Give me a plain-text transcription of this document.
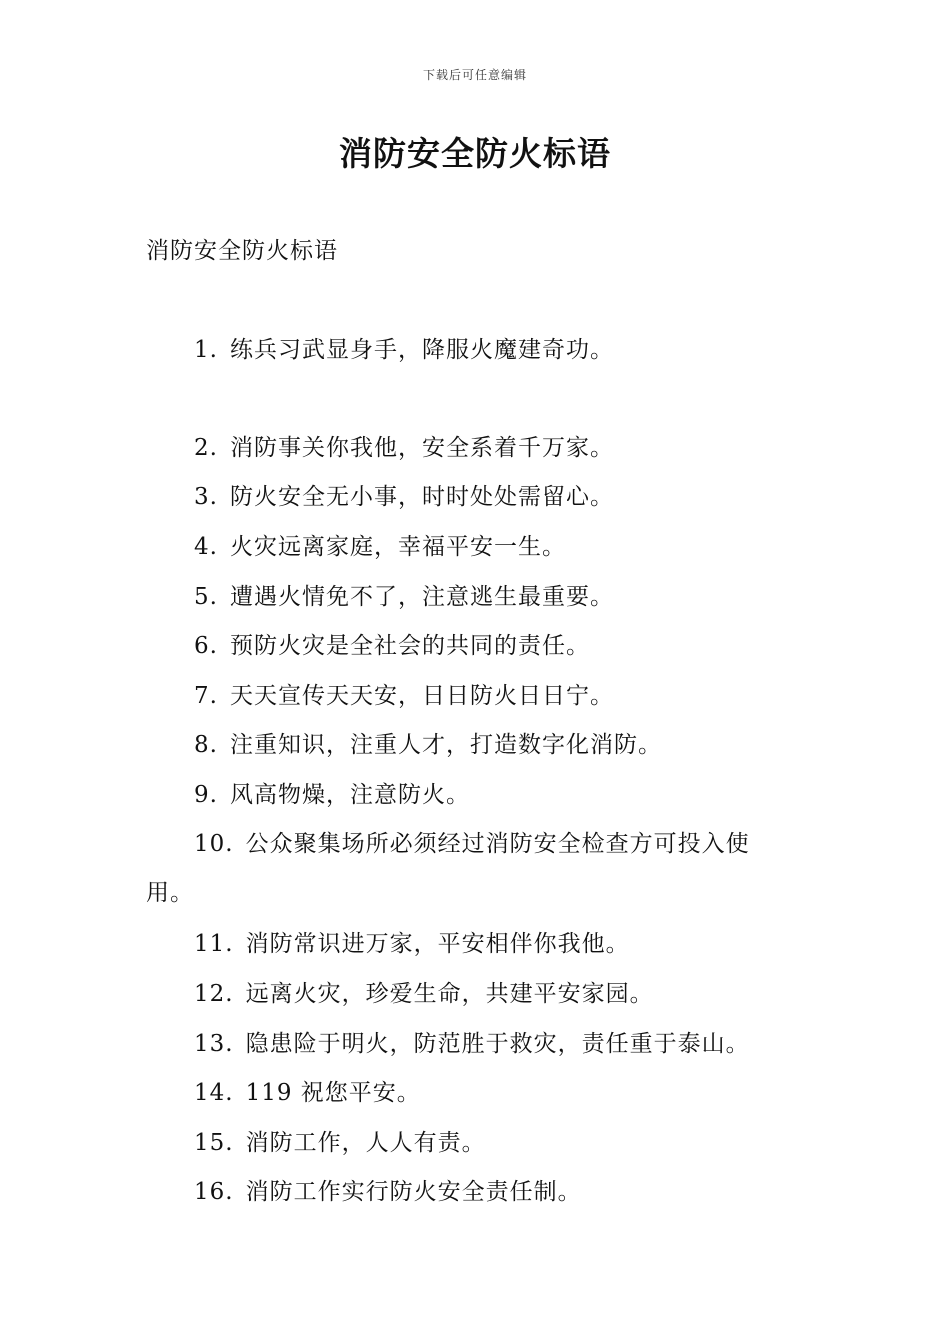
下载后可任意编辑
消防安全防火标语
消防安全防火标语
1. 练兵习武显身手，降服火魔建奇功。
2. 消防事关你我他，安全系着千万家。
3. 防火安全无小事，时时处处需留心。
4. 火灾远离家庭，幸福平安一生。
5. 遭遇火情免不了，注意逃生最重要。
6. 预防火灾是全社会的共同的责任。
7. 天天宣传天天安，日日防火日日宁。
8. 注重知识，注重人才，打造数字化消防。
9. 风高物燥，注意防火。
10. 公众聚集场所必须经过消防安全检查方可投入使
用。
11. 消防常识进万家，平安相伴你我他。
12. 远离火灾，珍爱生命，共建平安家园。
13. 隐患险于明火，防范胜于救灾，责任重于泰山。
14. 119 祝您平安。
15. 消防工作，人人有责。
16. 消防工作实行防火安全责任制。
